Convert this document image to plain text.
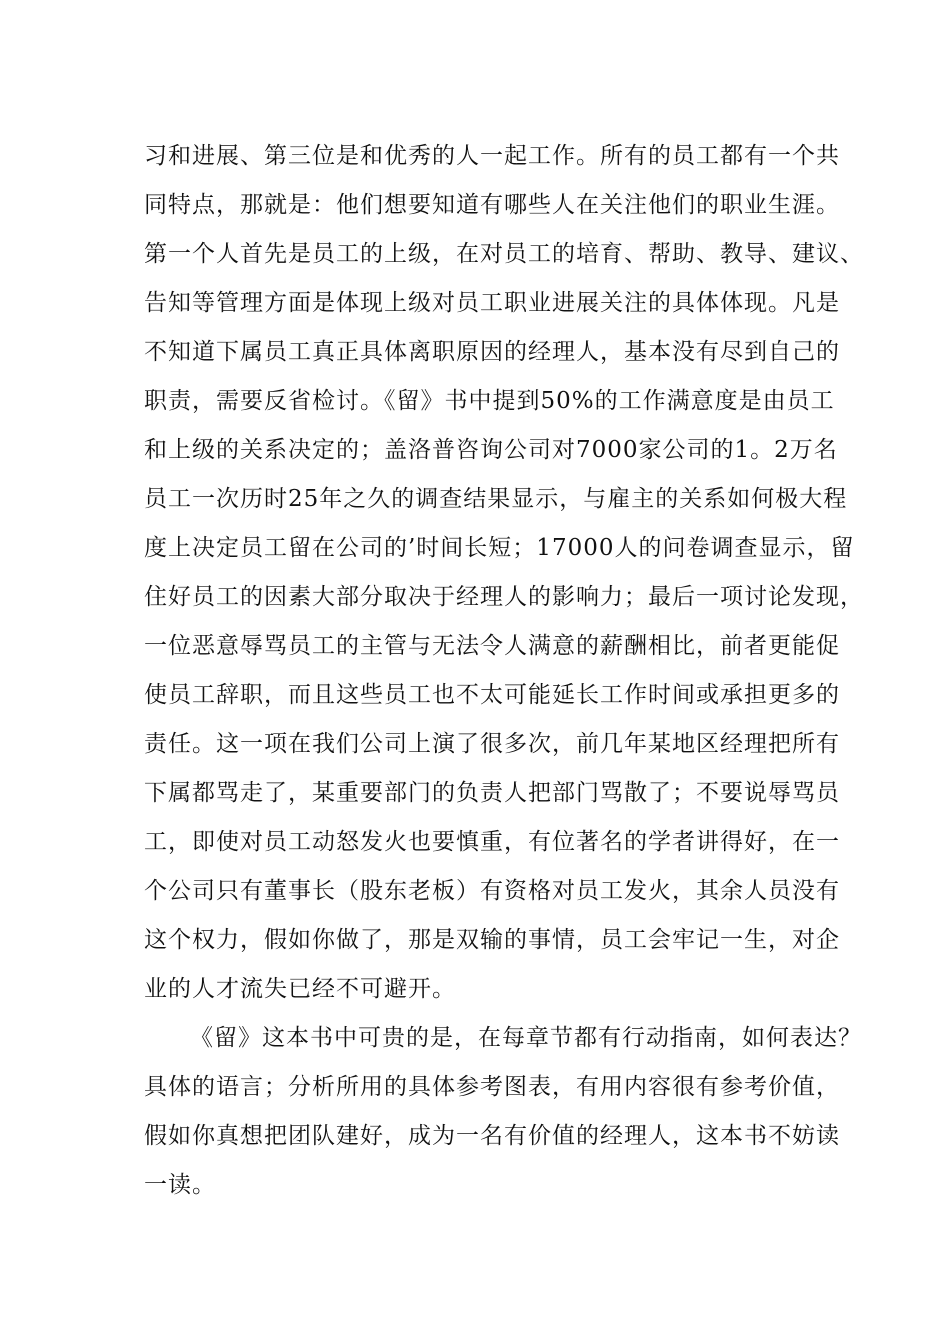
习和进展、第三位是和优秀的人一起工作。所有的员工都有一个共
同特点，那就是：他们想要知道有哪些人在关注他们的职业生涯。
第一个人首先是员工的上级，在对员工的培育、帮助、教导、建议、
告知等管理方面是体现上级对员工职业进展关注的具体体现。凡是
不知道下属员工真正具体离职原因的经理人，基本没有尽到自己的
职责，需要反省检讨。《留》书中提到50%的工作满意度是由员工
和上级的关系决定的；盖洛普咨询公司对7000家公司的1。2万名
员工一次历时25年之久的调查结果显示，与雇主的关系如何极大程
度上决定员工留在公司的’时间长短；17000人的问卷调查显示，留
住好员工的因素大部分取决于经理人的影响力；最后一项讨论发现，
一位恶意辱骂员工的主管与无法令人满意的薪酬相比，前者更能促
使员工辞职，而且这些员工也不太可能延长工作时间或承担更多的
责任。这一项在我们公司上演了很多次，前几年某地区经理把所有
下属都骂走了，某重要部门的负责人把部门骂散了；不要说辱骂员
工，即使对员工动怒发火也要慎重，有位著名的学者讲得好，在一
个公司只有董事长（股东老板）有资格对员工发火，其余人员没有
这个权力，假如你做了，那是双输的事情，员工会牢记一生，对企
业的人才流失已经不可避开。
《留》这本书中可贵的是，在每章节都有行动指南，如何表达？
具体的语言；分析所用的具体参考图表，有用内容很有参考价值，
假如你真想把团队建好，成为一名有价值的经理人，这本书不妨读
一读。
